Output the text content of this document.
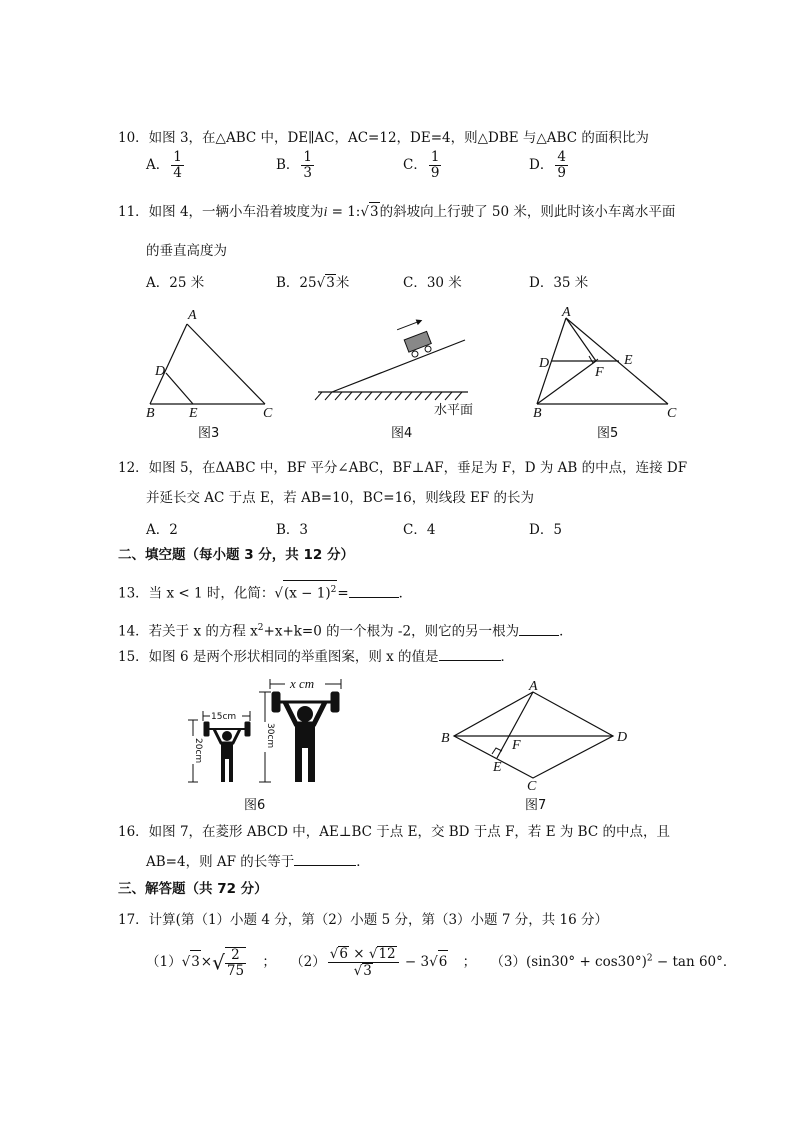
10．如图 3，在△ABC 中，DE∥AC，AC=12，DE=4，则△DBE 与△ABC 的面积比为
A． $\frac{1}{4}$	B． $\frac{1}{3}$	C． $\frac{1}{9}$	D． $\frac{4}{9}$
11．如图 4，一辆小车沿着坡度为i = 1:√3的斜坡向上行驶了 50 米，则此时该小车离水平面
的垂直高度为
A．25 米	B．25√3米	C．30 米	D．35 米
A
B	C
D
E
图3
水平面
图4
A
B	C
D	E
F
图5
12．如图 5，在ΔABC 中，BF 平分∠ABC，BF⊥AF，垂足为 F，D 为 AB 的中点，连接 DF
并延长交 AC 于点 E，若 AB=10，BC=16，则线段 EF 的长为
A．2	B．3	C．4	D．5
二、填空题（每小题 3 分，共 12 分）
13．当 x < 1 时，化简：$√(x - 1)^2=$	．
14．若关于 x 的方程 $x^2+x+k=0$ 的一个根为 -2，则它的另一根为	．
15．如图 6 是两个形状相同的举重图案，则 x 的值是	．
15cm
20cm
x cm
30cm
图6
A
B
C
D
E
F
图7
16．如图 7，在菱形 ABCD 中，AE⊥BC 于点 E，交 BD 于点 F，若 E 为 BC 的中点，且
AB=4，则 AF 的长等于	．
三、解答题（共 72 分）
17．计算(第（1）小题 4 分，第（2）小题 5 分，第（3）小题 7 分，共 16 分）
$(1)√3\times√ \frac{2}{75}$ ； $(2) \frac{√6 \times √12}{√3} - 3√6$ ； $(3)(\sin 30^\circ + \cos 30^\circ)^2 - \tan 60^\circ$．
